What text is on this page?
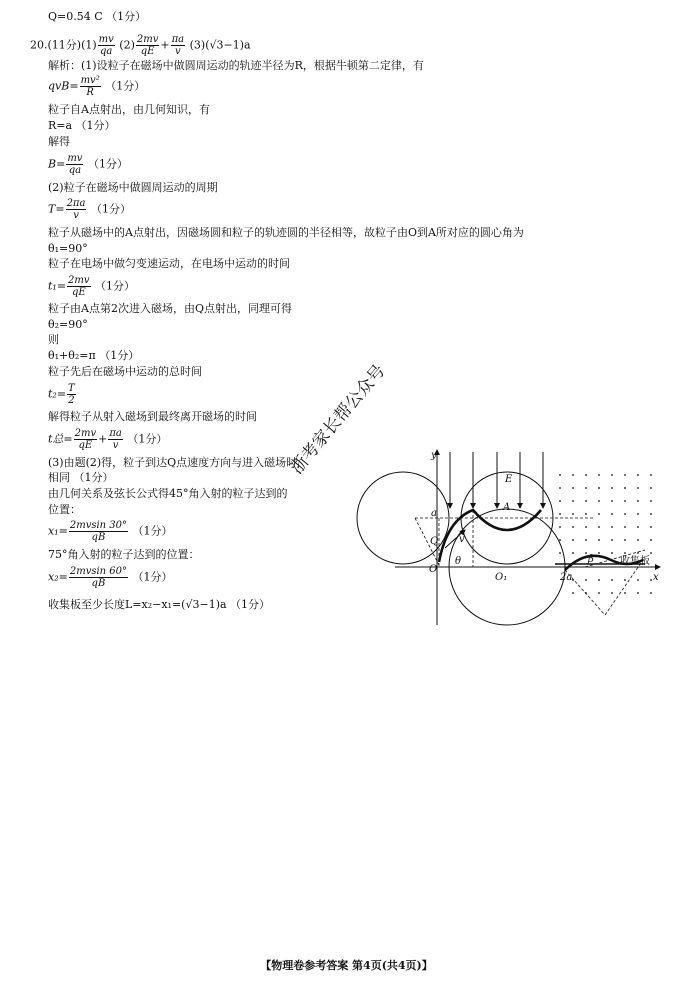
Q=0.54 C （1分）
20.(11分)$(1) \frac{mv}{qa} (2) \frac{2mv}{qE} + \frac{\pi a}{v} (3)(√3-1)a$
解析：(1)设粒子在磁场中做圆周运动的轨迹半径为R，根据牛顿第二定律，有
$qvB= \frac{\text{mv²}}{R} (1$分）
粒子自A点射出，由几何知识，有
R=a （1分）
解得
$B= \frac{mv}{qa} (1$分）
(2)粒子在磁场中做圆周运动的周期
$T= \frac{2\pi a}{v} (1$分）
粒子从磁场中的A点射出，因磁场圆和粒子的轨迹圆的半径相等，故粒子由O到A所对应的圆心角为
θ₁=90°
粒子在电场中做匀变速运动，在电场中运动的时间
$t_1= \frac{2mv}{qE} (1$分）
粒子由A点第2次进入磁场，由Q点射出，同理可得
θ₂=90°
则
θ₁+θ₂=π （1分）
粒子先后在磁场中运动的总时间
$t_2= \frac{T}{2}$
解得粒子从射入磁场到最终离开磁场的时间
t总= $\frac{2mv}{qE} + \frac{\pi a}{v} (1$分）
(3)由题(2)得，粒子到达Q点速度方向与进入磁场时
相同 （1分）
由几何关系及弦长公式得45°角入射的粒子达到的
位置：
$x_1= \frac{2mvsin 30^\circ}{qB} (1$分）
75°角入射的粒子达到的位置：
$x_2= \frac{2mvsin 60^\circ}{qB} (1$分）
收集板至少长度L=x₂−x₁=(√3−1)a （1分）
y
x
E
A
a
Q
O
O₁
θ
v
2a
β	收集板
浙考家长帮公众号
【物理卷参考答案 第4页(共4页)】
